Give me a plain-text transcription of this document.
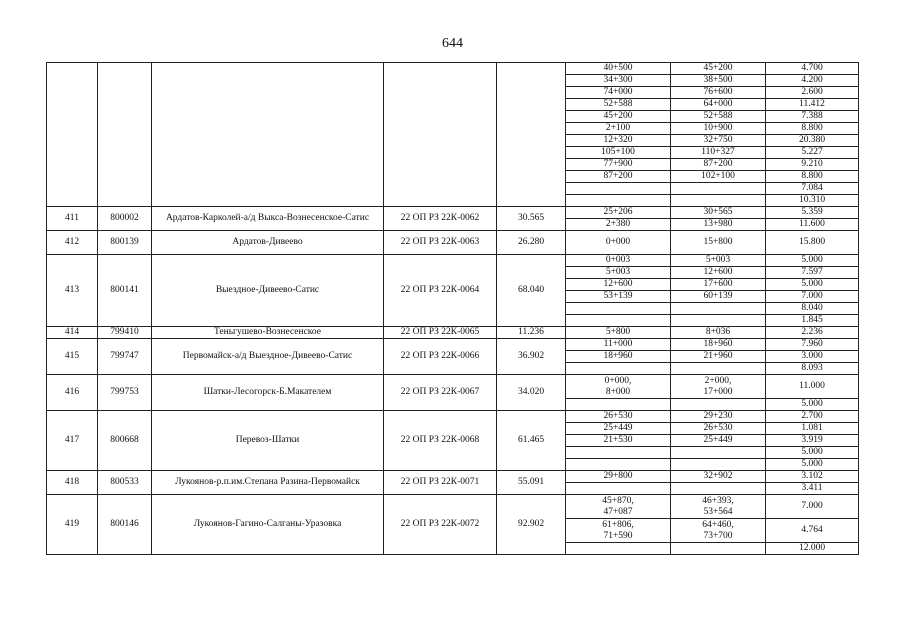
644
					40+500	45+200	4.700
					34+300	38+500	4.200
					74+000	76+600	2.600
					52+588	64+000	11.412
					45+200	52+588	7.388
					2+100	10+900	8.800
					12+320	32+750	20.380
					105+100	110+327	5.227
					77+900	87+200	9.210
					87+200	102+100	8.800
							7.084
							10.310
411	800002	Ардатов-Карколей-а/д Выкса-Вознесенское-Сатис	22 ОП РЗ 22К-0062	30.565	25+206	30+565	5.359
					2+380	13+980	11.600
412	800139	Ардатов-Дивеево	22 ОП РЗ 22К-0063	26.280	0+000	15+800	15.800
413	800141	Выездное-Дивеево-Сатис	22 ОП РЗ 22К-0064	68.040	0+003	5+003	5.000
					5+003	12+600	7.597
					12+600	17+600	5.000
					53+139	60+139	7.000
							8.040
							1.845
414	799410	Теньгушево-Вознесенское	22 ОП РЗ 22К-0065	11.236	5+800	8+036	2.236
415	799747	Первомайск-а/д Выездное-Дивеево-Сатис	22 ОП РЗ 22К-0066	36.902	11+000	18+960	7.960
					18+960	21+960	3.000
							8.093
416	799753	Шатки-Лесогорск-Б.Макателем	22 ОП РЗ 22К-0067	34.020	0+000,
8+000	2+000,
17+000	11.000
							5.000
417	800668	Перевоз-Шатки	22 ОП РЗ 22К-0068	61.465	26+530	29+230	2.700
					25+449	26+530	1.081
					21+530	25+449	3.919
							5.000
							5.000
418	800533	Лукоянов-р.п.им.Степана Разина-Первомайск	22 ОП РЗ 22К-0071	55.091	29+800	32+902	3.102
							3.411
419	800146	Лукоянов-Гагино-Салганы-Уразовка	22 ОП РЗ 22К-0072	92.902	45+870,
47+087	46+393,
53+564	7.000
					61+806,
71+590	64+460,
73+700	4.764
							12.000
